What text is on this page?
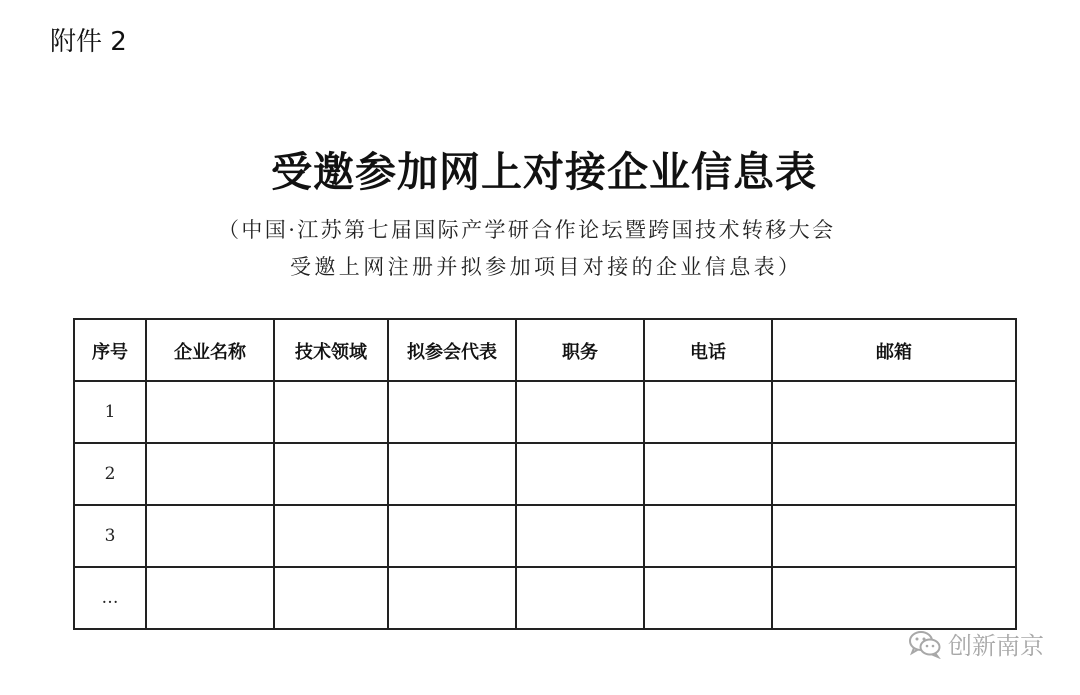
附件 2
受邀参加网上对接企业信息表
（中国·江苏第七届国际产学研合作论坛暨跨国技术转移大会
受邀上网注册并拟参加项目对接的企业信息表）
序号	企业名称	技术领域	拟参会代表	职务	电话	邮箱
1						
2						
3						
…						
创新南京
